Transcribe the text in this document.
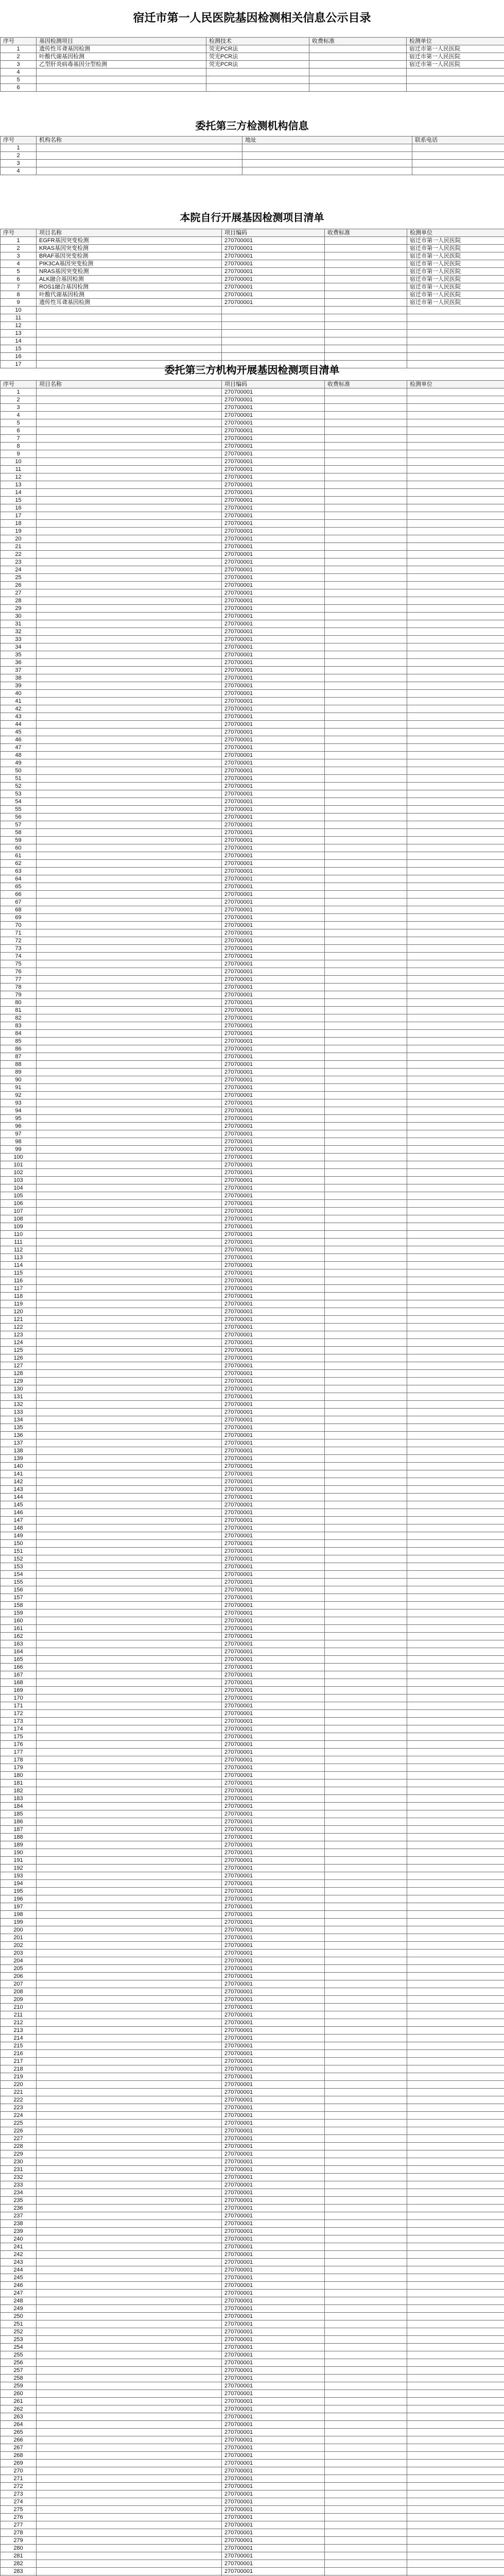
宿迁市第一人民医院基因检测相关信息公示目录
序号	基因检测项目	检测技术	收费标准	检测单位
1	遗传性耳聋基因检测	荧光PCR法		宿迁市第一人民医院
2	叶酸代谢基因检测	荧光PCR法		宿迁市第一人民医院
3	乙型肝炎病毒基因分型检测	荧光PCR法		宿迁市第一人民医院
4				
5				
6				
委托第三方检测机构信息
序号	机构名称	地址	联系电话
1			
2			
3			
4			
本院自行开展基因检测项目清单
序号	项目名称	项目编码	收费标准	检测单位
1	EGFR基因突变检测	270700001		宿迁市第一人民医院
2	KRAS基因突变检测	270700001		宿迁市第一人民医院
3	BRAF基因突变检测	270700001		宿迁市第一人民医院
4	PIK3CA基因突变检测	270700001		宿迁市第一人民医院
5	NRAS基因突变检测	270700001		宿迁市第一人民医院
6	ALK融合基因检测	270700001		宿迁市第一人民医院
7	ROS1融合基因检测	270700001		宿迁市第一人民医院
8	叶酸代谢基因检测	270700001		宿迁市第一人民医院
9	遗传性耳聋基因检测	270700001		宿迁市第一人民医院
10				
11				
12				
13				
14				
15				
16				
17				
委托第三方机构开展基因检测项目清单
序号	项目名称	项目编码	收费标准	检测单位
1		270700001		
2		270700001		
3		270700001		
4		270700001		
5		270700001		
6		270700001		
7		270700001		
8		270700001		
9		270700001		
10		270700001		
11		270700001		
12		270700001		
13		270700001		
14		270700001		
15		270700001		
16		270700001		
17		270700001		
18		270700001		
19		270700001		
20		270700001		
21		270700001		
22		270700001		
23		270700001		
24		270700001		
25		270700001		
26		270700001		
27		270700001		
28		270700001		
29		270700001		
30		270700001		
31		270700001		
32		270700001		
33		270700001		
34		270700001		
35		270700001		
36		270700001		
37		270700001		
38		270700001		
39		270700001		
40		270700001		
41		270700001		
42		270700001		
43		270700001		
44		270700001		
45		270700001		
46		270700001		
47		270700001		
48		270700001		
49		270700001		
50		270700001		
51		270700001		
52		270700001		
53		270700001		
54		270700001		
55		270700001		
56		270700001		
57		270700001		
58		270700001		
59		270700001		
60		270700001		
61		270700001		
62		270700001		
63		270700001		
64		270700001		
65		270700001		
66		270700001		
67		270700001		
68		270700001		
69		270700001		
70		270700001		
71		270700001		
72		270700001		
73		270700001		
74		270700001		
75		270700001		
76		270700001		
77		270700001		
78		270700001		
79		270700001		
80		270700001		
81		270700001		
82		270700001		
83		270700001		
84		270700001		
85		270700001		
86		270700001		
87		270700001		
88		270700001		
89		270700001		
90		270700001		
91		270700001		
92		270700001		
93		270700001		
94		270700001		
95		270700001		
96		270700001		
97		270700001		
98		270700001		
99		270700001		
100		270700001		
101		270700001		
102		270700001		
103		270700001		
104		270700001		
105		270700001		
106		270700001		
107		270700001		
108		270700001		
109		270700001		
110		270700001		
111		270700001		
112		270700001		
113		270700001		
114		270700001		
115		270700001		
116		270700001		
117		270700001		
118		270700001		
119		270700001		
120		270700001		
121		270700001		
122		270700001		
123		270700001		
124		270700001		
125		270700001		
126		270700001		
127		270700001		
128		270700001		
129		270700001		
130		270700001		
131		270700001		
132		270700001		
133		270700001		
134		270700001		
135		270700001		
136		270700001		
137		270700001		
138		270700001		
139		270700001		
140		270700001		
141		270700001		
142		270700001		
143		270700001		
144		270700001		
145		270700001		
146		270700001		
147		270700001		
148		270700001		
149		270700001		
150		270700001		
151		270700001		
152		270700001		
153		270700001		
154		270700001		
155		270700001		
156		270700001		
157		270700001		
158		270700001		
159		270700001		
160		270700001		
161		270700001		
162		270700001		
163		270700001		
164		270700001		
165		270700001		
166		270700001		
167		270700001		
168		270700001		
169		270700001		
170		270700001		
171		270700001		
172		270700001		
173		270700001		
174		270700001		
175		270700001		
176		270700001		
177		270700001		
178		270700001		
179		270700001		
180		270700001		
181		270700001		
182		270700001		
183		270700001		
184		270700001		
185		270700001		
186		270700001		
187		270700001		
188		270700001		
189		270700001		
190		270700001		
191		270700001		
192		270700001		
193		270700001		
194		270700001		
195		270700001		
196		270700001		
197		270700001		
198		270700001		
199		270700001		
200		270700001		
201		270700001		
202		270700001		
203		270700001		
204		270700001		
205		270700001		
206		270700001		
207		270700001		
208		270700001		
209		270700001		
210		270700001		
211		270700001		
212		270700001		
213		270700001		
214		270700001		
215		270700001		
216		270700001		
217		270700001		
218		270700001		
219		270700001		
220		270700001		
221		270700001		
222		270700001		
223		270700001		
224		270700001		
225		270700001		
226		270700001		
227		270700001		
228		270700001		
229		270700001		
230		270700001		
231		270700001		
232		270700001		
233		270700001		
234		270700001		
235		270700001		
236		270700001		
237		270700001		
238		270700001		
239		270700001		
240		270700001		
241		270700001		
242		270700001		
243		270700001		
244		270700001		
245		270700001		
246		270700001		
247		270700001		
248		270700001		
249		270700001		
250		270700001		
251		270700001		
252		270700001		
253		270700001		
254		270700001		
255		270700001		
256		270700001		
257		270700001		
258		270700001		
259		270700001		
260		270700001		
261		270700001		
262		270700001		
263		270700001		
264		270700001		
265		270700001		
266		270700001		
267		270700001		
268		270700001		
269		270700001		
270		270700001		
271		270700001		
272		270700001		
273		270700001		
274		270700001		
275		270700001		
276		270700001		
277		270700001		
278		270700001		
279		270700001		
280		270700001		
281		270700001		
282		270700001		
283		270700001		
